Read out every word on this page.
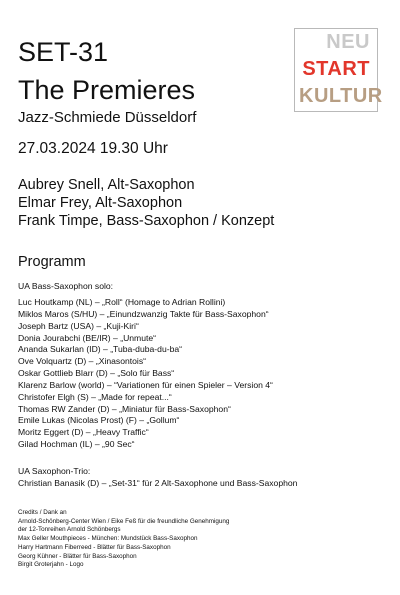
SET-31
The Premieres
Jazz-Schmiede Düsseldorf
27.03.2024 19.30 Uhr
NEU
START
KULTUR
Aubrey Snell, Alt-Saxophon
Elmar Frey, Alt-Saxophon
Frank Timpe, Bass-Saxophon / Konzept
Programm
UA Bass-Saxophon solo:
Luc Houtkamp (NL) – „Roll“ (Homage to Adrian Rollini)
Miklos Maros (S/HU) – „Einundzwanzig Takte für Bass-Saxophon“
Joseph Bartz (USA) – „Kuji-Kiri“
Donia Jourabchi (BE/IR) – „Unmute“
Ananda Sukarlan (ID) – „Tuba-duba-du-ba“
Ove Volquartz (D) – „Xinasontois“
Oskar Gottlieb Blarr (D) – „Solo für Bass“
Klarenz Barlow (world) – “Variationen für einen Spieler – Version 4“
Christofer Elgh (S) – „Made for repeat...“
Thomas RW Zander (D) – „Miniatur für Bass-Saxophon“
Emile Lukas (Nicolas Prost) (F) – „Gollum“
Moritz Eggert (D) – „Heavy Traffic“
Gilad Hochman (IL) – „90 Sec“
UA Saxophon-Trio:
Christian Banasik (D) – „Set-31“ für 2 Alt-Saxophone und Bass-Saxophon
Credits / Dank an
Arnold-Schönberg-Center Wien / Eike Feß für die freundliche Genehmigung
der 12-Tonreihen Arnold Schönbergs
Max Geller Mouthpieces - München: Mundstück Bass-Saxophon
Harry Hartmann Fiberreed - Blätter für Bass-Saxophon
Georg Kühner - Blätter für Bass-Saxophon
Birgit Groterjahn - Logo
